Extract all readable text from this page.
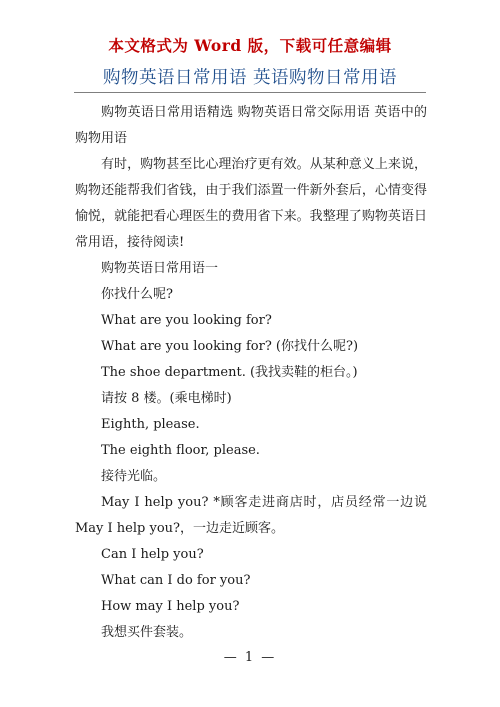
本文格式为 Word 版，下载可任意编辑
购物英语日常用语 英语购物日常用语

购物英语日常用语精选 购物英语日常交际用语 英语中的购物用语

有时，购物甚至比心理治疗更有效。从某种意义上来说，购物还能帮我们省钱，由于我们添置一件新外套后，心情变得愉悦，就能把看心理医生的费用省下来。我整理了购物英语日常用语，接待阅读!

购物英语日常用语一

你找什么呢?

What are you looking for?

What are you looking for? (你找什么呢?)

The shoe department. (我找卖鞋的柜台。)

请按 8 楼。(乘电梯时)

Eighth, please.

The eighth floor, please.

接待光临。

May I help you? *顾客走进商店时，店员经常一边说 May I help you?，一边走近顾客。

Can I help you?

What can I do for you?

How may I help you?

我想买件套装。

— 1 —
